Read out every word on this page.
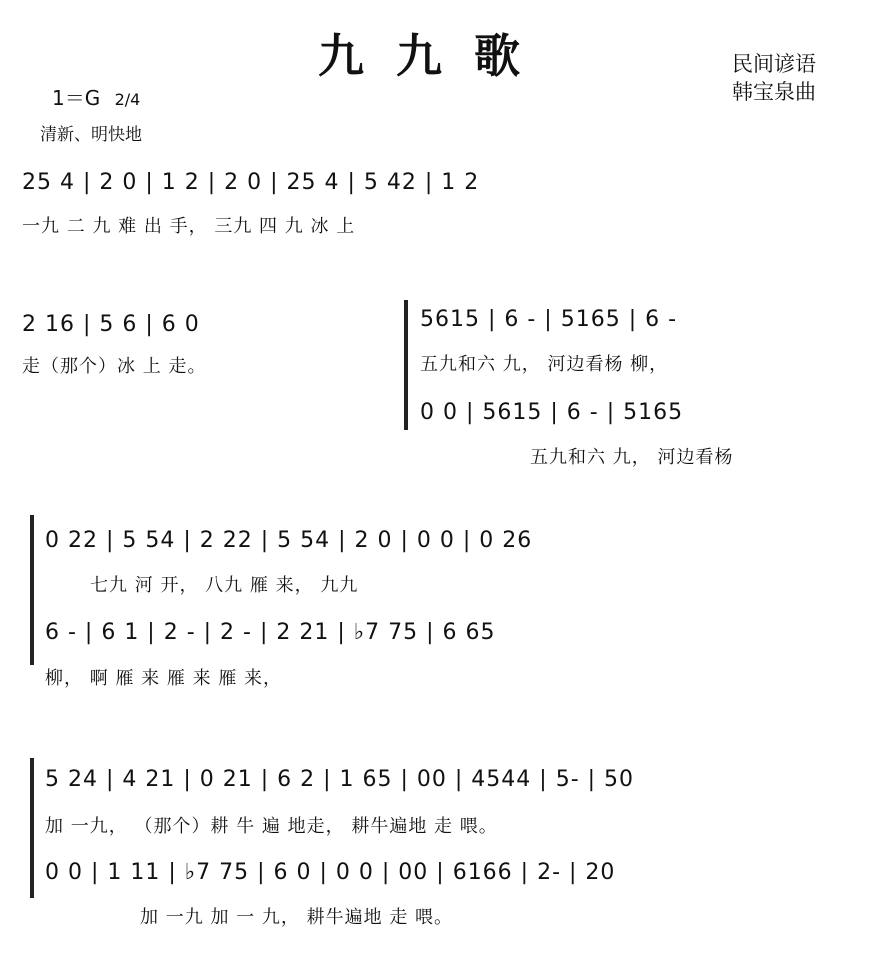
九 九 歌	民间谚语
韩宝泉曲
1＝G 2/4
清新、明快地
25 4 | 2 0 | 1 2 | 2 0 | 25 4 | 5 42 | 1 2
一九 二 九 难 出 手， 三九 四 九 冰 上
2 16 | 5 6 | 6 0
走（那个）冰 上 走。
5615 | 6 - | 5165 | 6 -
五九和六 九， 河边看杨 柳，
0 0 | 5615 | 6 - | 5165
五九和六 九， 河边看杨
0 22 | 5 54 | 2 22 | 5 54 | 2 0 | 0 0 | 0 26
七九 河 开， 八九 雁 来， 九九
6 - | 6 1 | 2 - | 2 - | 2 21 | ♭7 75 | 6 65
柳， 啊 雁 来 雁 来 雁 来，
5 24 | 4 21 | 0 21 | 6 2 | 1 65 | 00 | 4544 | 5- | 50
加 一九， （那个）耕 牛 遍 地走， 耕牛遍地 走 喂。
0 0 | 1 11 | ♭7 75 | 6 0 | 0 0 | 00 | 6166 | 2- | 20
加 一九 加 一 九， 耕牛遍地 走 喂。
